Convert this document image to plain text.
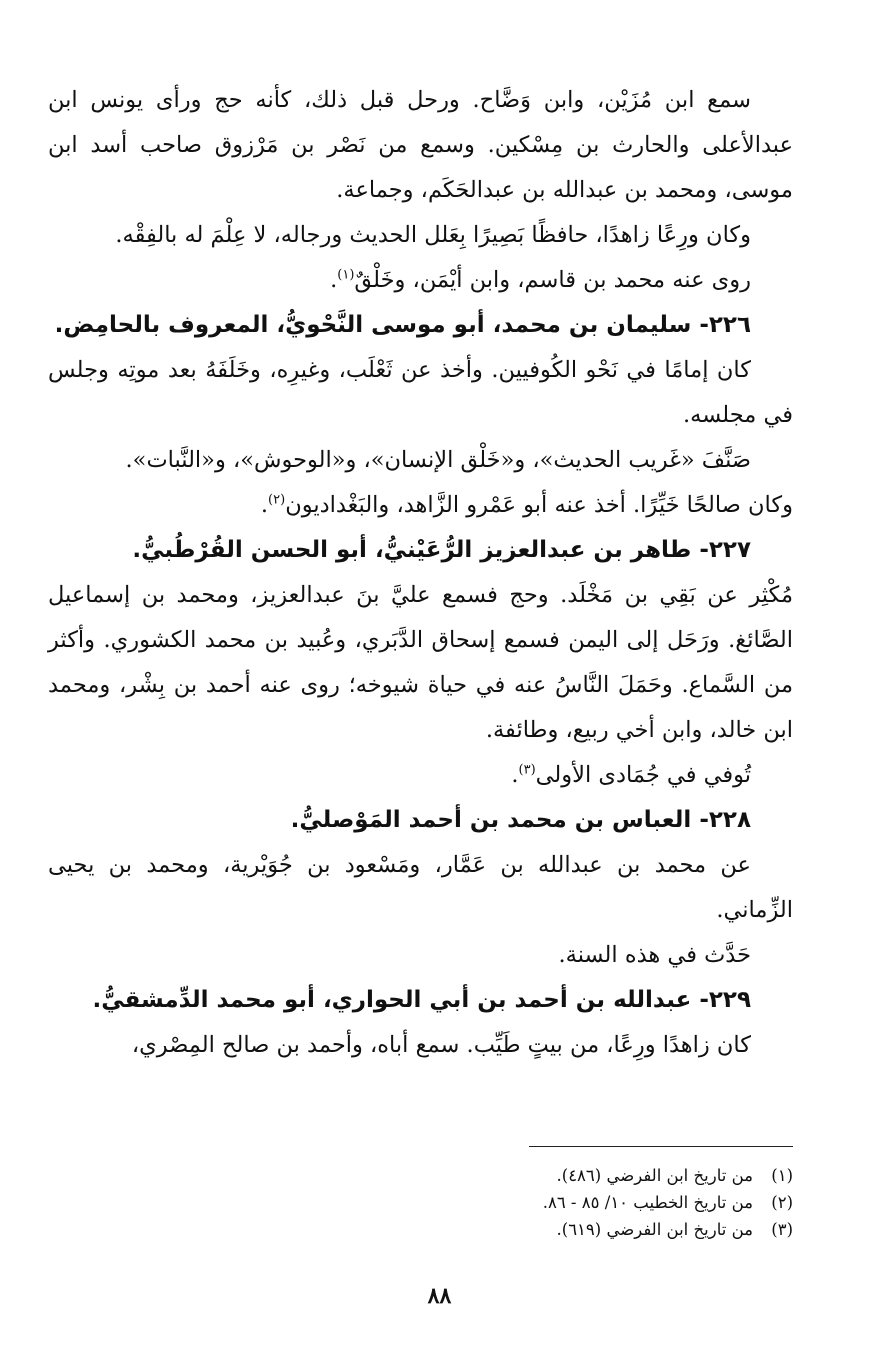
سمع ابن مُزَيْن، وابن وَضَّاح. ورحل قبل ذلك، كأنه حج ورأى يونس ابن عبدالأعلى والحارث بن مِسْكين. وسمع من نَصْر بن مَرْزوق صاحب أسد ابن موسى، ومحمد بن عبدالله بن عبدالحَكَم، وجماعة.

وكان ورِعًا زاهدًا، حافظًا بَصِيرًا بِعَلل الحديث ورجاله، لا عِلْمَ له بالفِقْه.

روى عنه محمد بن قاسم، وابن أيْمَن، وخَلْقٌ$^{(١)}$.

٢٢٦- سليمان بن محمد، أبو موسى النَّحْويُّ، المعروف بالحامِض.

كان إمامًا في نَحْو الكُوفيين. وأخذ عن ثَعْلَب، وغيرِه، وخَلَفَهُ بعد موتِه وجلس في مجلسه.

صَنَّفَ «غَريب الحديث»، و«خَلْق الإنسان»، و«الوحوش»، و«النَّبات».

وكان صالحًا خَيِّرًا. أخذ عنه أبو عَمْرو الزَّاهد، والبَغْداديون$^{(٢)}$.

٢٢٧- طاهر بن عبدالعزيز الرُّعَيْنيُّ، أبو الحسن القُرْطُبيُّ.

مُكْثِر عن بَقِي بن مَخْلَد. وحج فسمع عليَّ بنَ عبدالعزيز، ومحمد بن إسماعيل الصَّائغ. ورَحَل إلى اليمن فسمع إسحاق الدَّبَري، وعُبيد بن محمد الكشوري. وأكثر من السَّماع. وحَمَلَ النَّاسُ عنه في حياة شيوخه؛ روى عنه أحمد بن بِشْر، ومحمد ابن خالد، وابن أخي ربيع، وطائفة.

تُوفي في جُمَادى الأولى$^{(٣)}$.

٢٢٨- العباس بن محمد بن أحمد المَوْصليُّ.

عن محمد بن عبدالله بن عَمَّار، ومَسْعود بن جُوَيْرية، ومحمد بن يحيى الزِّماني.

حَدَّث في هذه السنة.

٢٢٩- عبدالله بن أحمد بن أبي الحواري، أبو محمد الدِّمشقيُّ.

كان زاهدًا ورِعًا، من بيتٍ طَيِّب. سمع أباه، وأحمد بن صالح المِصْري،

(١)من تاريخ ابن الفرضي (٤٨٦).

(٢)من تاريخ الخطيب ١٠/ ٨٥ - ٨٦.

(٣)من تاريخ ابن الفرضي (٦١٩).

٨٨
